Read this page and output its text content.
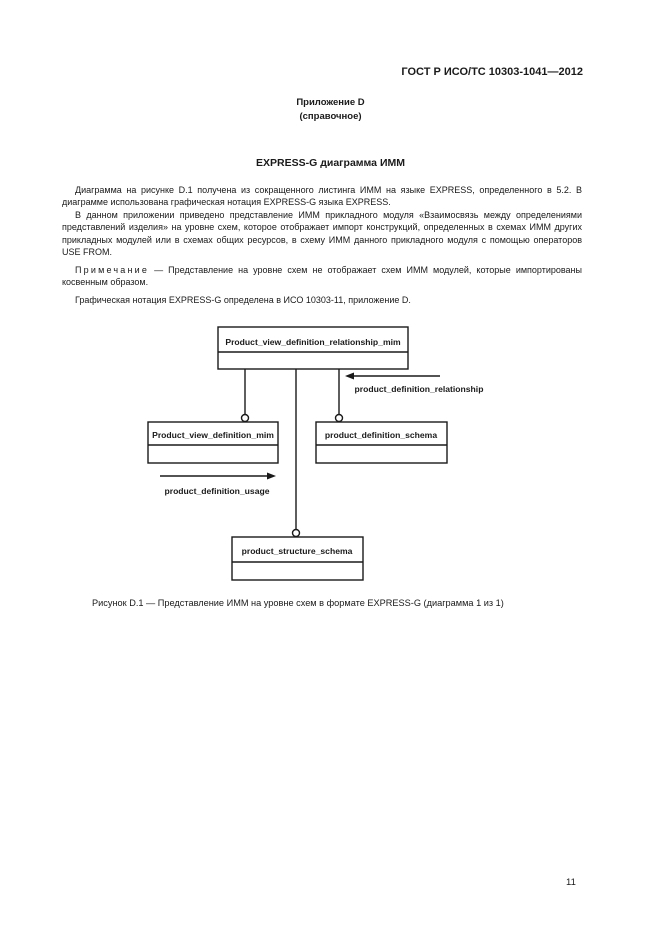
ГОСТ Р ИСО/ТС 10303-1041—2012
Приложение D
(справочное)
EXPRESS-G диаграмма ИММ

Диаграмма на рисунке D.1 получена из сокращенного листинга ИММ на языке EXPRESS, определенного в 5.2. В диаграмме использована графическая нотация EXPRESS-G языка EXPRESS.

В данном приложении приведено представление ИММ прикладного модуля «Взаимосвязь между определениями представлений изделия» на уровне схем, которое отображает импорт конструкций, определенных в схемах ИММ других прикладных модулей или в схемах общих ресурсов, в схему ИММ данного прикладного модуля с помощью операторов USE FROM.

Примечание — Представление на уровне схем не отображает схем ИММ модулей, которые импортированы косвенным образом.

Графическая нотация EXPRESS-G определена в ИСО 10303-11, приложение D.

Product_view_definition_relationship_mim
Product_view_definition_mim	product_definition_schema
product_structure_schema
product_definition_relationship
product_definition_usage
Рисунок D.1 — Представление ИММ на уровне схем в формате EXPRESS-G (диаграмма 1 из 1)
11
